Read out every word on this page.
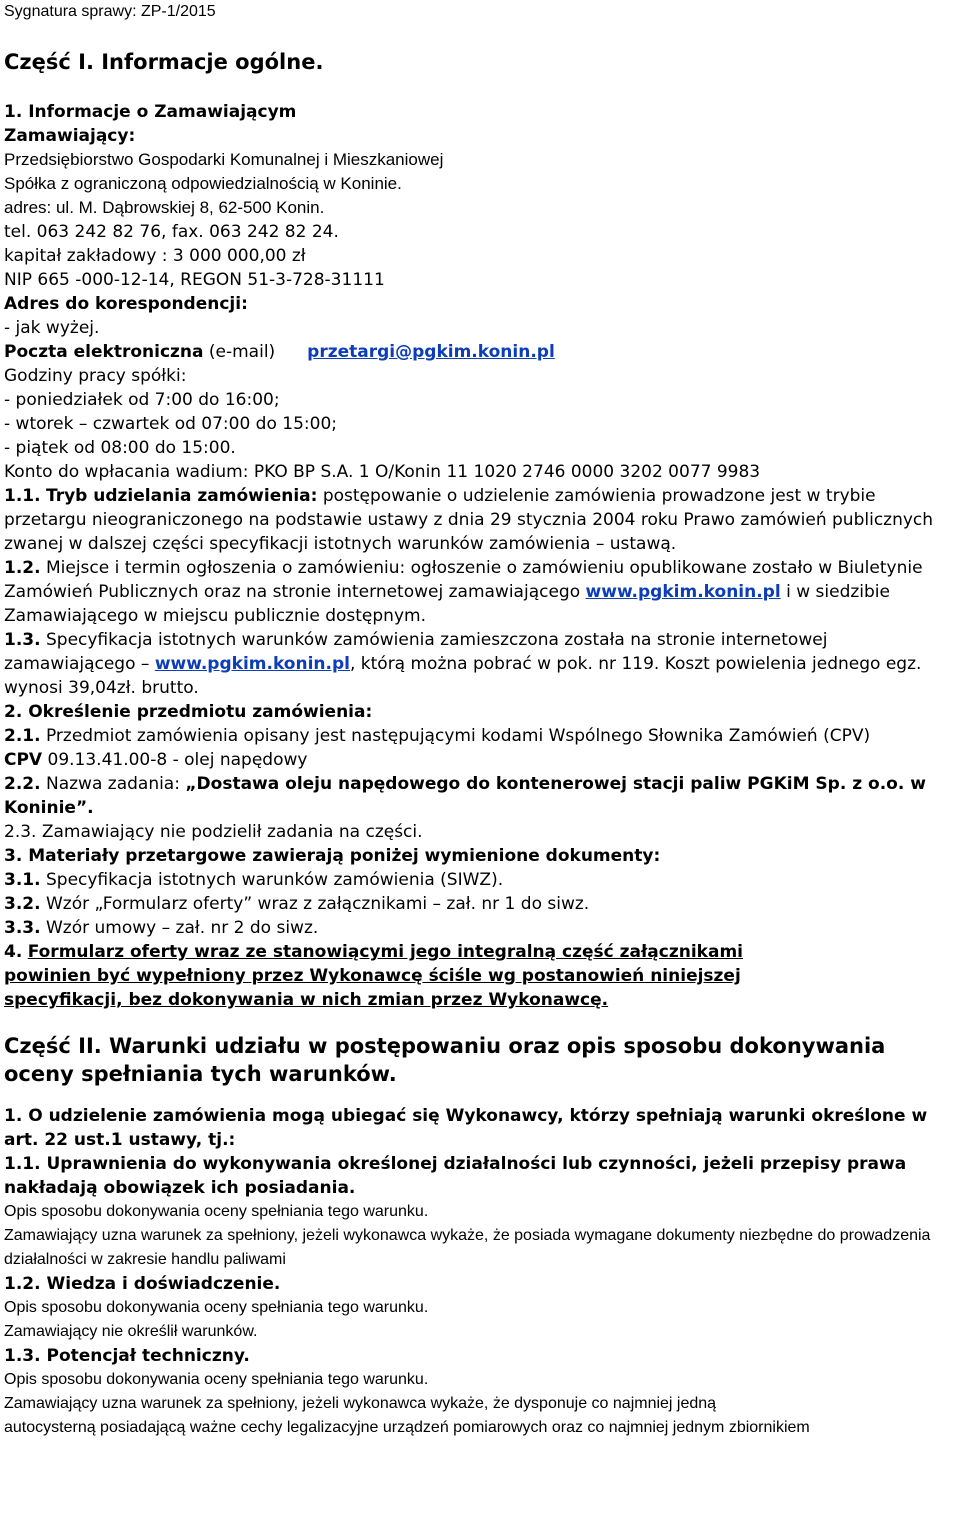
Sygnatura sprawy: ZP-1/2015
Część I. Informacje ogólne.
1. Informacje o Zamawiającym
Zamawiający:
Przedsiębiorstwo Gospodarki Komunalnej i Mieszkaniowej
Spółka z ograniczoną odpowiedzialnością w Koninie.
adres: ul. M. Dąbrowskiej 8, 62-500 Konin.
tel. 063 242 82 76, fax. 063 242 82 24.
kapitał zakładowy : 3 000 000,00 zł
NIP 665 -000-12-14, REGON 51-3-728-31111
Adres do korespondencji:
- jak wyżej.
Poczta elektroniczna (e-mail) przetargi@pgkim.konin.pl
Godziny pracy spółki:
- poniedziałek od 7:00 do 16:00;
- wtorek – czwartek od 07:00 do 15:00;
- piątek od 08:00 do 15:00.
Konto do wpłacania wadium: PKO BP S.A. 1 O/Konin 11 1020 2746 0000 3202 0077 9983
1.1. Tryb udzielania zamówienia: postępowanie o udzielenie zamówienia prowadzone jest w trybie przetargu nieograniczonego na podstawie ustawy z dnia 29 stycznia 2004 roku Prawo zamówień publicznych zwanej w dalszej części specyfikacji istotnych warunków zamówienia – ustawą.
1.2. Miejsce i termin ogłoszenia o zamówieniu: ogłoszenie o zamówieniu opublikowane zostało w Biuletynie Zamówień Publicznych oraz na stronie internetowej zamawiającego www.pgkim.konin.pl i w siedzibie Zamawiającego w miejscu publicznie dostępnym.
1.3. Specyfikacja istotnych warunków zamówienia zamieszczona została na stronie internetowej zamawiającego – www.pgkim.konin.pl, którą można pobrać w pok. nr 119. Koszt powielenia jednego egz. wynosi 39,04zł. brutto.
2. Określenie przedmiotu zamówienia:
2.1. Przedmiot zamówienia opisany jest następującymi kodami Wspólnego Słownika Zamówień (CPV)
CPV 09.13.41.00-8 - olej napędowy
2.2. Nazwa zadania: „Dostawa oleju napędowego do kontenerowej stacji paliw PGKiM Sp. z o.o. w Koninie”.
2.3. Zamawiający nie podzielił zadania na części.
3. Materiały przetargowe zawierają poniżej wymienione dokumenty:
3.1. Specyfikacja istotnych warunków zamówienia (SIWZ).
3.2. Wzór „Formularz oferty” wraz z załącznikami – zał. nr 1 do siwz.
3.3. Wzór umowy – zał. nr 2 do siwz.
4. Formularz oferty wraz ze stanowiącymi jego integralną część załącznikami powinien być wypełniony przez Wykonawcę ściśle wg postanowień niniejszej specyfikacji, bez dokonywania w nich zmian przez Wykonawcę.
Część II. Warunki udziału w postępowaniu oraz opis sposobu dokonywania oceny spełniania tych warunków.
1. O udzielenie zamówienia mogą ubiegać się Wykonawcy, którzy spełniają warunki określone w art. 22 ust.1 ustawy, tj.:
1.1. Uprawnienia do wykonywania określonej działalności lub czynności, jeżeli przepisy prawa nakładają obowiązek ich posiadania.
Opis sposobu dokonywania oceny spełniania tego warunku.
Zamawiający uzna warunek za spełniony, jeżeli wykonawca wykaże, że posiada wymagane dokumenty niezbędne do prowadzenia działalności w zakresie handlu paliwami
1.2. Wiedza i doświadczenie.
Opis sposobu dokonywania oceny spełniania tego warunku.
Zamawiający nie określił warunków.
1.3. Potencjał techniczny.
Opis sposobu dokonywania oceny spełniania tego warunku.
Zamawiający uzna warunek za spełniony, jeżeli wykonawca wykaże, że dysponuje co najmniej jedną
autocysterną posiadającą ważne cechy legalizacyjne urządzeń pomiarowych oraz co najmniej jednym zbiornikiem
